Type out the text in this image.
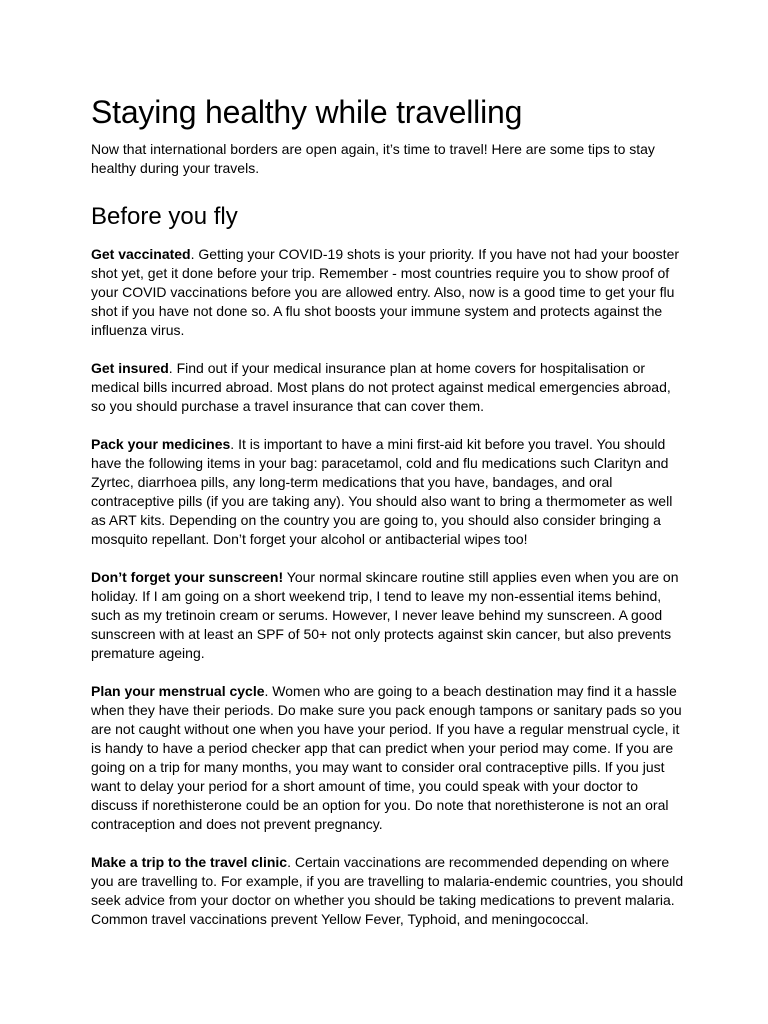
Staying healthy while travelling

Now that international borders are open again, it’s time to travel! Here are some tips to stay healthy during your travels.

Before you fly

Get vaccinated. Getting your COVID-19 shots is your priority. If you have not had your booster shot yet, get it done before your trip. Remember - most countries require you to show proof of your COVID vaccinations before you are allowed entry. Also, now is a good time to get your flu shot if you have not done so. A flu shot boosts your immune system and protects against the influenza virus.

Get insured. Find out if your medical insurance plan at home covers for hospitalisation or medical bills incurred abroad. Most plans do not protect against medical emergencies abroad, so you should purchase a travel insurance that can cover them.

Pack your medicines. It is important to have a mini first-aid kit before you travel. You should have the following items in your bag: paracetamol, cold and flu medications such Clarityn and Zyrtec, diarrhoea pills, any long-term medications that you have, bandages, and oral contraceptive pills (if you are taking any). You should also want to bring a thermometer as well as ART kits. Depending on the country you are going to, you should also consider bringing a mosquito repellant. Don’t forget your alcohol or antibacterial wipes too!

Don’t forget your sunscreen! Your normal skincare routine still applies even when you are on holiday. If I am going on a short weekend trip, I tend to leave my non-essential items behind, such as my tretinoin cream or serums. However, I never leave behind my sunscreen. A good sunscreen with at least an SPF of 50+ not only protects against skin cancer, but also prevents premature ageing.

Plan your menstrual cycle. Women who are going to a beach destination may find it a hassle when they have their periods. Do make sure you pack enough tampons or sanitary pads so you are not caught without one when you have your period. If you have a regular menstrual cycle, it is handy to have a period checker app that can predict when your period may come. If you are going on a trip for many months, you may want to consider oral contraceptive pills. If you just want to delay your period for a short amount of time, you could speak with your doctor to discuss if norethisterone could be an option for you. Do note that norethisterone is not an oral contraception and does not prevent pregnancy.

Make a trip to the travel clinic. Certain vaccinations are recommended depending on where you are travelling to. For example, if you are travelling to malaria-endemic countries, you should seek advice from your doctor on whether you should be taking medications to prevent malaria. Common travel vaccinations prevent Yellow Fever, Typhoid, and meningococcal.
